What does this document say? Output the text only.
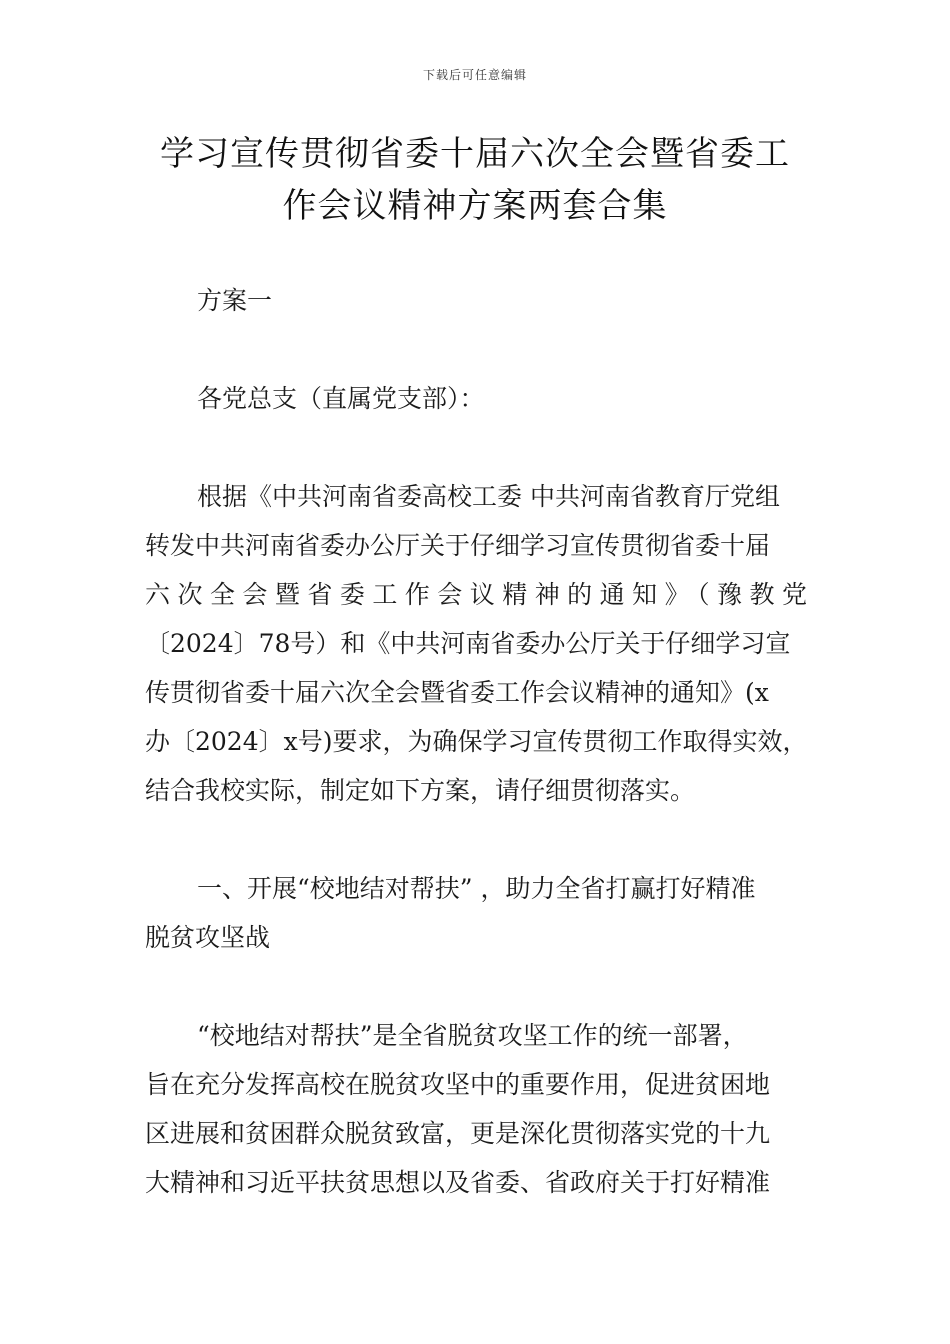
下载后可任意编辑
学习宣传贯彻省委十届六次全会暨省委工
作会议精神方案两套合集

方案一

各党总支（直属党支部）：

根据《中共河南省委高校工委 中共河南省教育厅党组
转发中共河南省委办公厅关于仔细学习宣传贯彻省委十届
六次全会暨省委工作会议精神的通知》（豫教党
〔2024〕78号）和《中共河南省委办公厅关于仔细学习宣
传贯彻省委十届六次全会暨省委工作会议精神的通知》(x
办〔2024〕x号)要求，为确保学习宣传贯彻工作取得实效，
结合我校实际，制定如下方案，请仔细贯彻落实。
一、开展“校地结对帮扶” ，助力全省打赢打好精准
脱贫攻坚战
“校地结对帮扶”是全省脱贫攻坚工作的统一部署，
旨在充分发挥高校在脱贫攻坚中的重要作用，促进贫困地
区进展和贫困群众脱贫致富，更是深化贯彻落实党的十九
大精神和习近平扶贫思想以及省委、省政府关于打好精准
